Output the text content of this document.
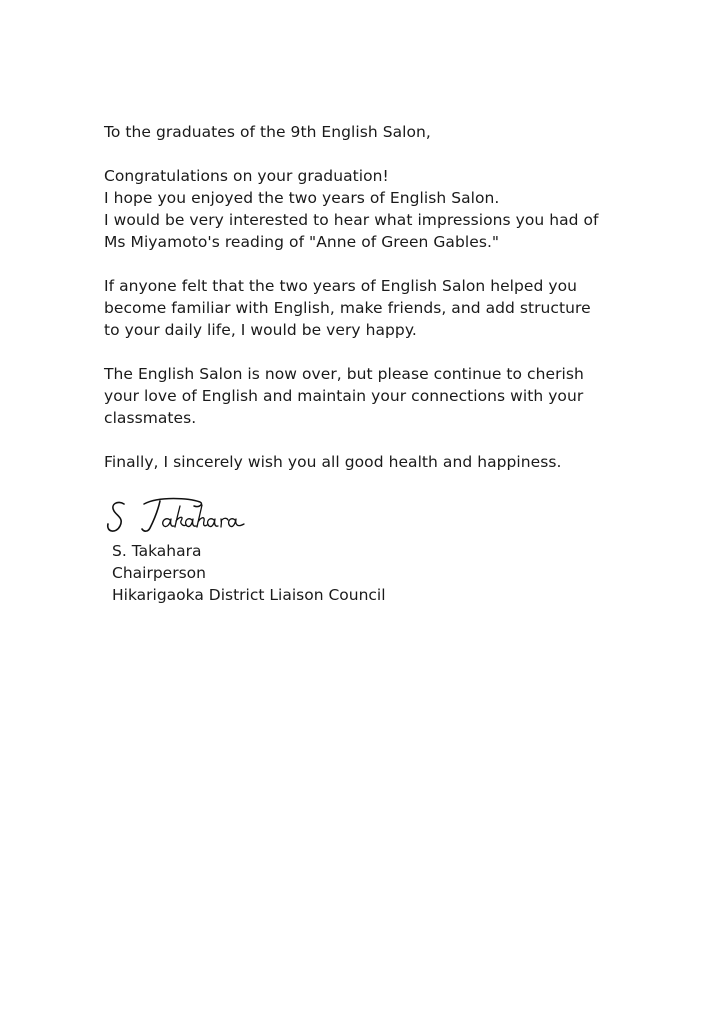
To the graduates of the 9th English Salon,
Congratulations on your graduation!
I hope you enjoyed the two years of English Salon.
I would be very interested to hear what impressions you had of
Ms Miyamoto's reading of "Anne of Green Gables."
If anyone felt that the two years of English Salon helped you
become familiar with English, make friends, and add structure
to your daily life, I would be very happy.
The English Salon is now over, but please continue to cherish
your love of English and maintain your connections with your
classmates.
Finally, I sincerely wish you all good health and happiness.
S. Takahara
Chairperson
Hikarigaoka District Liaison Council
